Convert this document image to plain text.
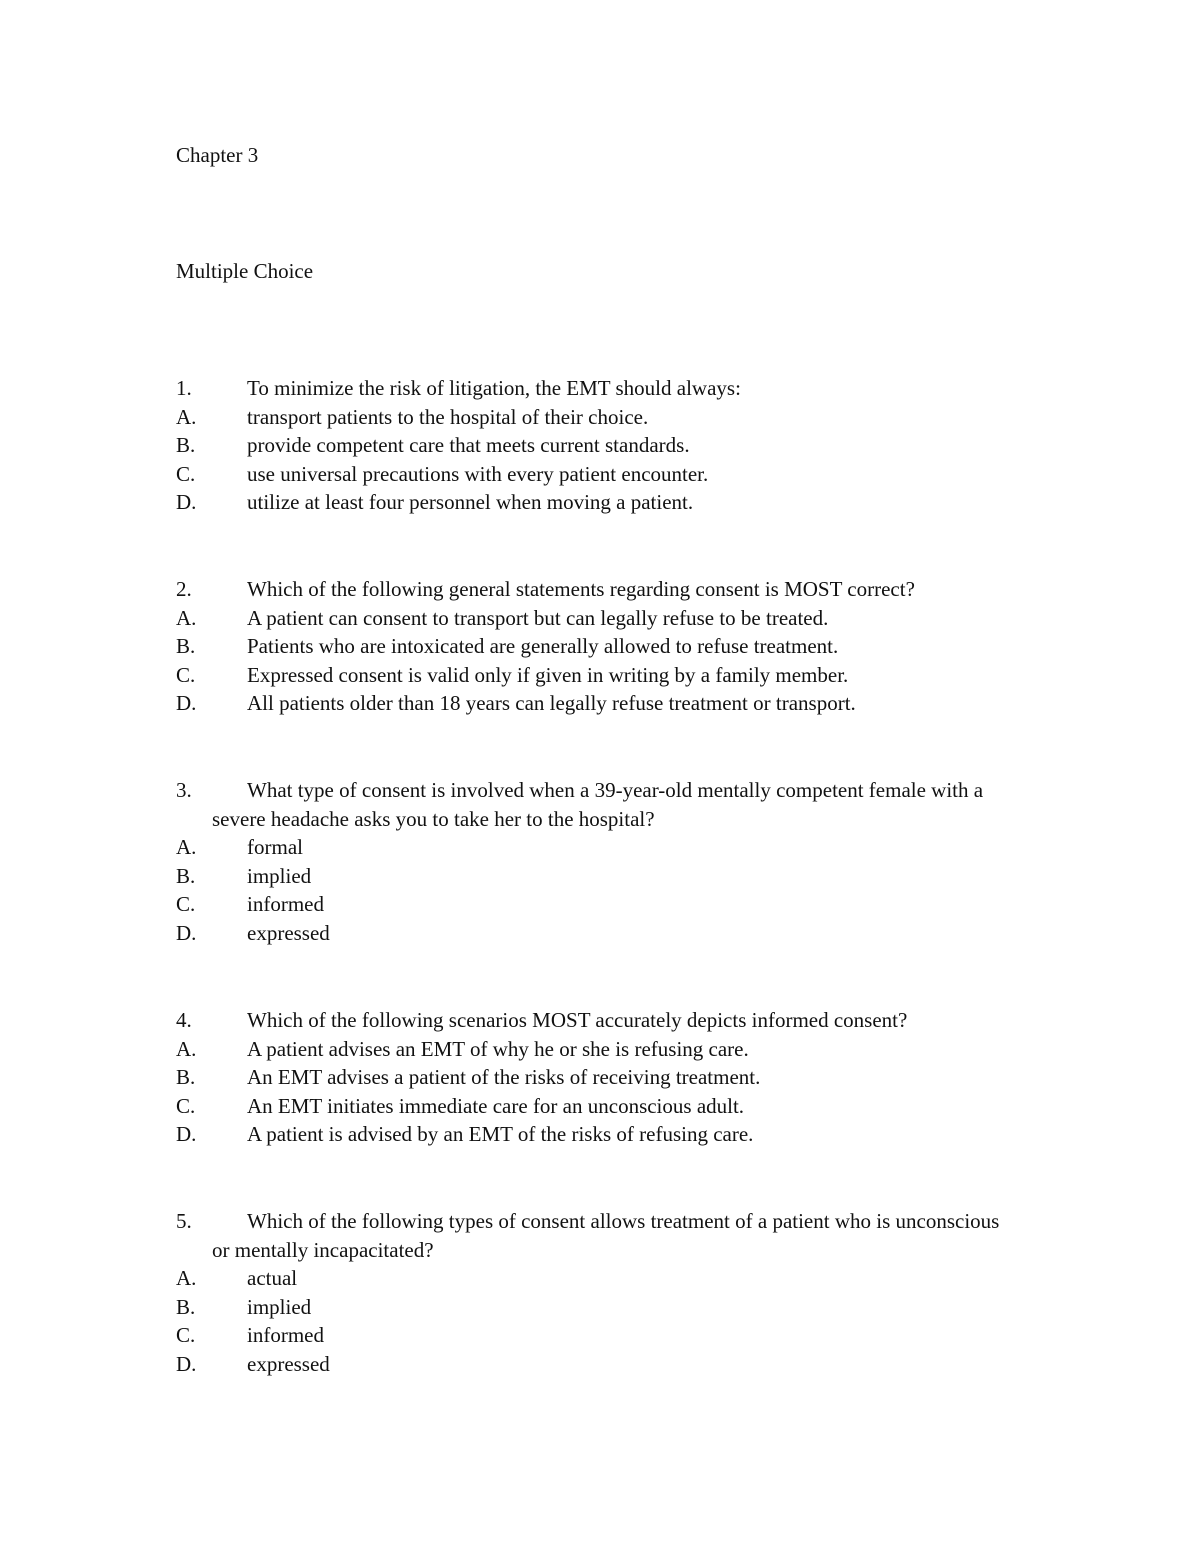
Chapter 3
Multiple Choice
1.	To minimize the risk of litigation, the EMT should always:
A. transport patients to the hospital of their choice.
B. provide competent care that meets current standards.
C. use universal precautions with every patient encounter.
D. utilize at least four personnel when moving a patient.
2.	Which of the following general statements regarding consent is MOST correct?
A. A patient can consent to transport but can legally refuse to be treated.
B. Patients who are intoxicated are generally allowed to refuse treatment.
C. Expressed consent is valid only if given in writing by a family member.
D. All patients older than 18 years can legally refuse treatment or transport.
3.	What type of consent is involved when a 39-year-old mentally competent female with a severe headache asks you to take her to the hospital?
A. formal
B. implied
C. informed
D. expressed
4.	Which of the following scenarios MOST accurately depicts informed consent?
A. A patient advises an EMT of why he or she is refusing care.
B. An EMT advises a patient of the risks of receiving treatment.
C. An EMT initiates immediate care for an unconscious adult.
D. A patient is advised by an EMT of the risks of refusing care.
5.	Which of the following types of consent allows treatment of a patient who is unconscious or mentally incapacitated?
A. actual
B. implied
C. informed
D. expressed
